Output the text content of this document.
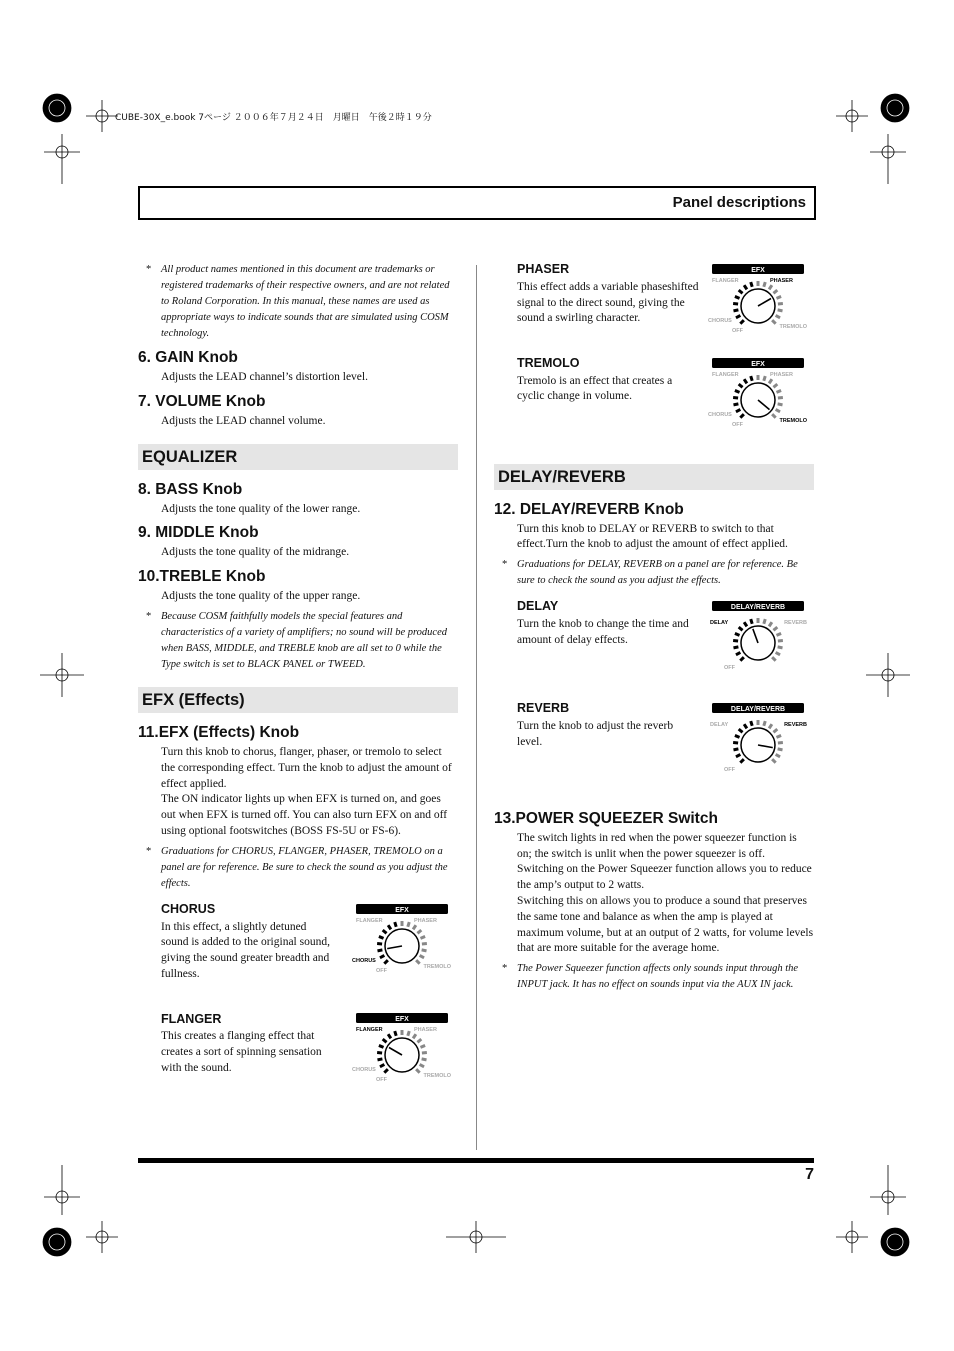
CUBE-30X_e.book 7ページ ２００６年７月２４日　月曜日　午後２時１９分
Panel descriptions

* All product names mentioned in this document are trademarks or registered trademarks of their respective owners, and are not related to Roland Corporation. In this manual, these names are used as appropriate ways to indicate sounds that are simulated using COSM technology.

6. GAIN Knob

Adjusts the LEAD channel’s distortion level.

7. VOLUME Knob

Adjusts the LEAD channel volume.

EQUALIZER
8. BASS Knob

Adjusts the tone quality of the lower range.

9. MIDDLE Knob

Adjusts the tone quality of the midrange.

10.TREBLE Knob

Adjusts the tone quality of the upper range.

* Because COSM faithfully models the special features and characteristics of a variety of amplifiers; no sound will be produced when BASS, MIDDLE, and TREBLE knob are all set to 0 while the Type switch is set to BLACK PANEL or TWEED.

EFX (Effects)
11.EFX (Effects) Knob

Turn this knob to chorus, flanger, phaser, or tremolo to select the corresponding effect. Turn the knob to adjust the amount of effect applied.

The ON indicator lights up when EFX is turned on, and goes out when EFX is turned off. You can also turn EFX on and off using optional footswitches (BOSS FS-5U or FS-6).

* Graduations for CHORUS, FLANGER, PHASER, TREMOLO on a panel are for reference. Be sure to check the sound as you adjust the effects.

CHORUS
In this effect, a slightly detuned sound is added to the original sound, giving the sound greater breadth and fullness.
EFX
FLANGER	PHASER
CHORUS
TREMOLO
OFF
FLANGER
This creates a flanging effect that creates a sort of spinning sensation with the sound.
EFX
FLANGER	PHASER
CHORUS
TREMOLO
OFF
PHASER
This effect adds a variable phaseshifted signal to the direct sound, giving the sound a swirling character.
EFX
FLANGER	PHASER
CHORUS
TREMOLO
OFF
TREMOLO
Tremolo is an effect that creates a cyclic change in volume.
EFX
FLANGER	PHASER
CHORUS
TREMOLO
OFF
DELAY/REVERB
12. DELAY/REVERB Knob

Turn this knob to DELAY or REVERB to switch to that effect.Turn the knob to adjust the amount of effect applied.

* Graduations for DELAY, REVERB on a panel are for reference. Be sure to check the sound as you adjust the effects.

DELAY
Turn the knob to change the time and amount of delay effects.
DELAY/REVERB
DELAY	REVERB
OFF
REVERB
Turn the knob to adjust the reverb level.
DELAY/REVERB
DELAY	REVERB
OFF
13.POWER SQUEEZER Switch

The switch lights in red when the power squeezer function is on; the switch is unlit when the power squeezer is off.

Switching on the Power Squeezer function allows you to reduce the amp’s output to 2 watts.

Switching this on allows you to produce a sound that preserves the same tone and balance as when the amp is played at maximum volume, but at an output of 2 watts, for volume levels that are more suitable for the average home.

* The Power Squeezer function affects only sounds input through the INPUT jack. It has no effect on sounds input via the AUX IN jack.

7
